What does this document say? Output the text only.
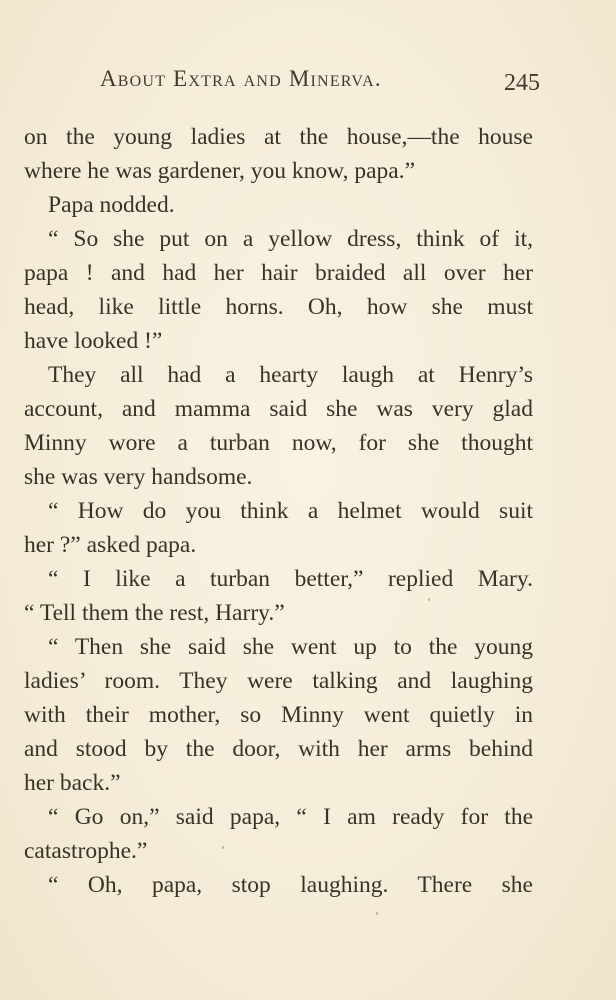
About Extra and Minerva.	245
on the young ladies at the house,—the house
where he was gardener, you know, papa.”
Papa nodded.
“ So she put on a yellow dress, think of it,
papa ! and had her hair braided all over her
head, like little horns. Oh, how she must
have looked !”
They all had a hearty laugh at Henry’s
account, and mamma said she was very glad
Minny wore a turban now, for she thought
she was very handsome.
“ How do you think a helmet would suit
her ?” asked papa.
“ I like a turban better,” replied Mary.
“ Tell them the rest, Harry.”
“ Then she said she went up to the young
ladies’ room. They were talking and laughing
with their mother, so Minny went quietly in
and stood by the door, with her arms behind
her back.”
“ Go on,” said papa, “ I am ready for the
catastrophe.”
“ Oh, papa, stop laughing. There she
